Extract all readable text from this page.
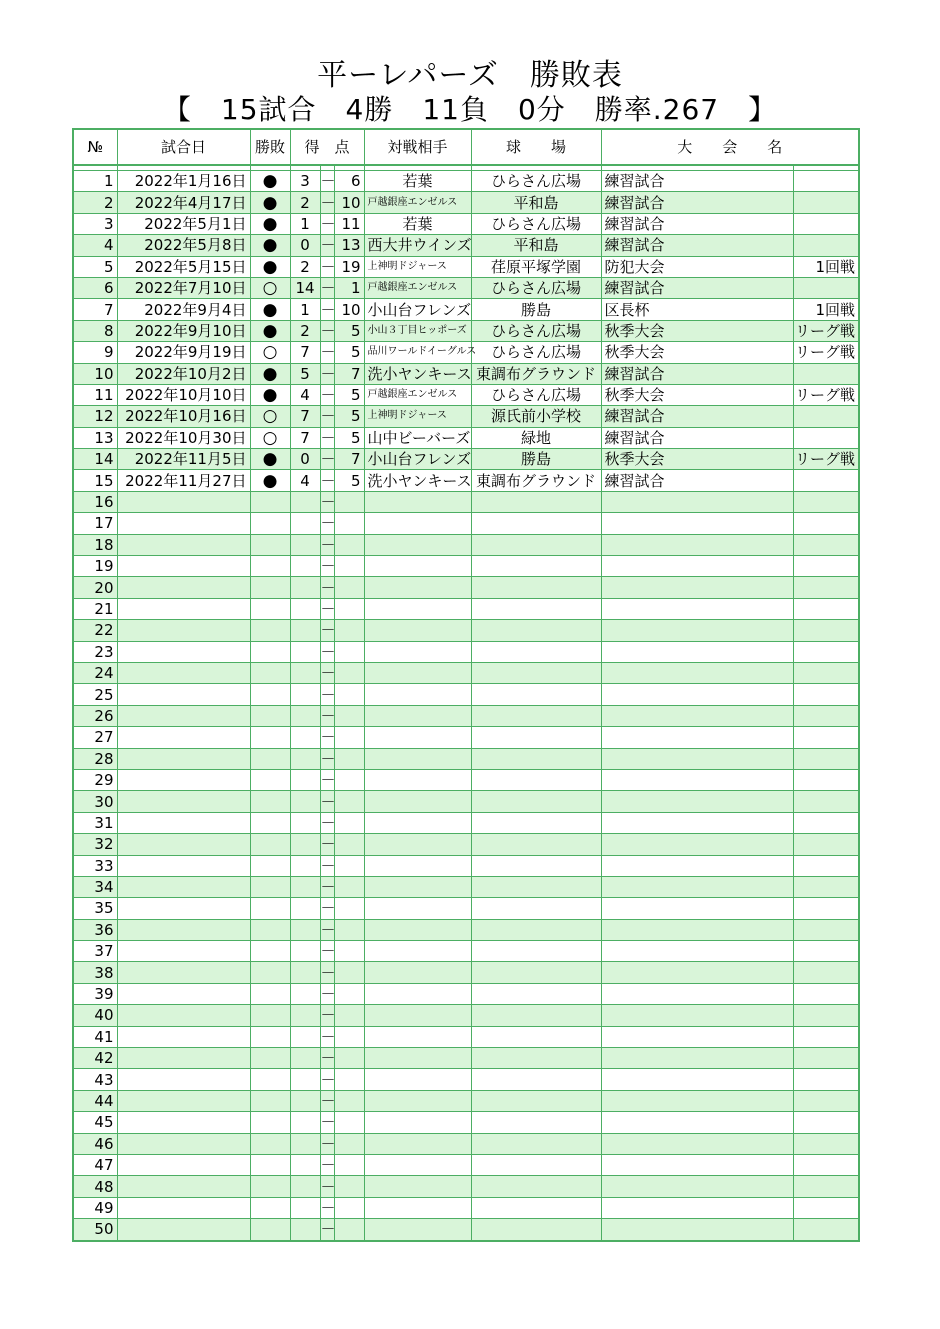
平ーレパーズ　勝敗表
【　15試合　4勝　11負　0分　勝率.267　】
№	試合日	勝敗	得　点			対戦相手	球　　場	大　　会　　名	

1	2022年1月16日	●	3	－	6	若葉	ひらさん広場	練習試合	
2	2022年4月17日	●	2	－	10	戸越銀座エンゼルス	平和島	練習試合	
3	2022年5月1日	●	1	－	11	若葉	ひらさん広場	練習試合	
4	2022年5月8日	●	0	－	13	西大井ウインズ	平和島	練習試合	
5	2022年5月15日	●	2	－	19	上神明ドジャース	荏原平塚学園	防犯大会	1回戦
6	2022年7月10日	○	14	－	1	戸越銀座エンゼルス	ひらさん広場	練習試合	
7	2022年9月4日	●	1	－	10	小山台フレンズ	勝島	区長杯	1回戦
8	2022年9月10日	●	2	－	5	小山３丁目ヒッポーズ	ひらさん広場	秋季大会	リーグ戦
9	2022年9月19日	○	7	－	5	品川ワールドイーグルス	ひらさん広場	秋季大会	リーグ戦
10	2022年10月2日	●	5	－	7	洗小ヤンキース	東調布グラウンド	練習試合	
11	2022年10月10日	●	4	－	5	戸越銀座エンゼルス	ひらさん広場	秋季大会	リーグ戦
12	2022年10月16日	○	7	－	5	上神明ドジャース	源氏前小学校	練習試合	
13	2022年10月30日	○	7	－	5	山中ビーバーズ	緑地	練習試合	
14	2022年11月5日	●	0	－	7	小山台フレンズ	勝島	秋季大会	リーグ戦
15	2022年11月27日	●	4	－	5	洗小ヤンキース	東調布グラウンド	練習試合	
16				－					
17				－					
18				－					
19				－					
20				－					
21				－					
22				－					
23				－					
24				－					
25				－					
26				－					
27				－					
28				－					
29				－					
30				－					
31				－					
32				－					
33				－					
34				－					
35				－					
36				－					
37				－					
38				－					
39				－					
40				－					
41				－					
42				－					
43				－					
44				－					
45				－					
46				－					
47				－					
48				－					
49				－					
50				－					
